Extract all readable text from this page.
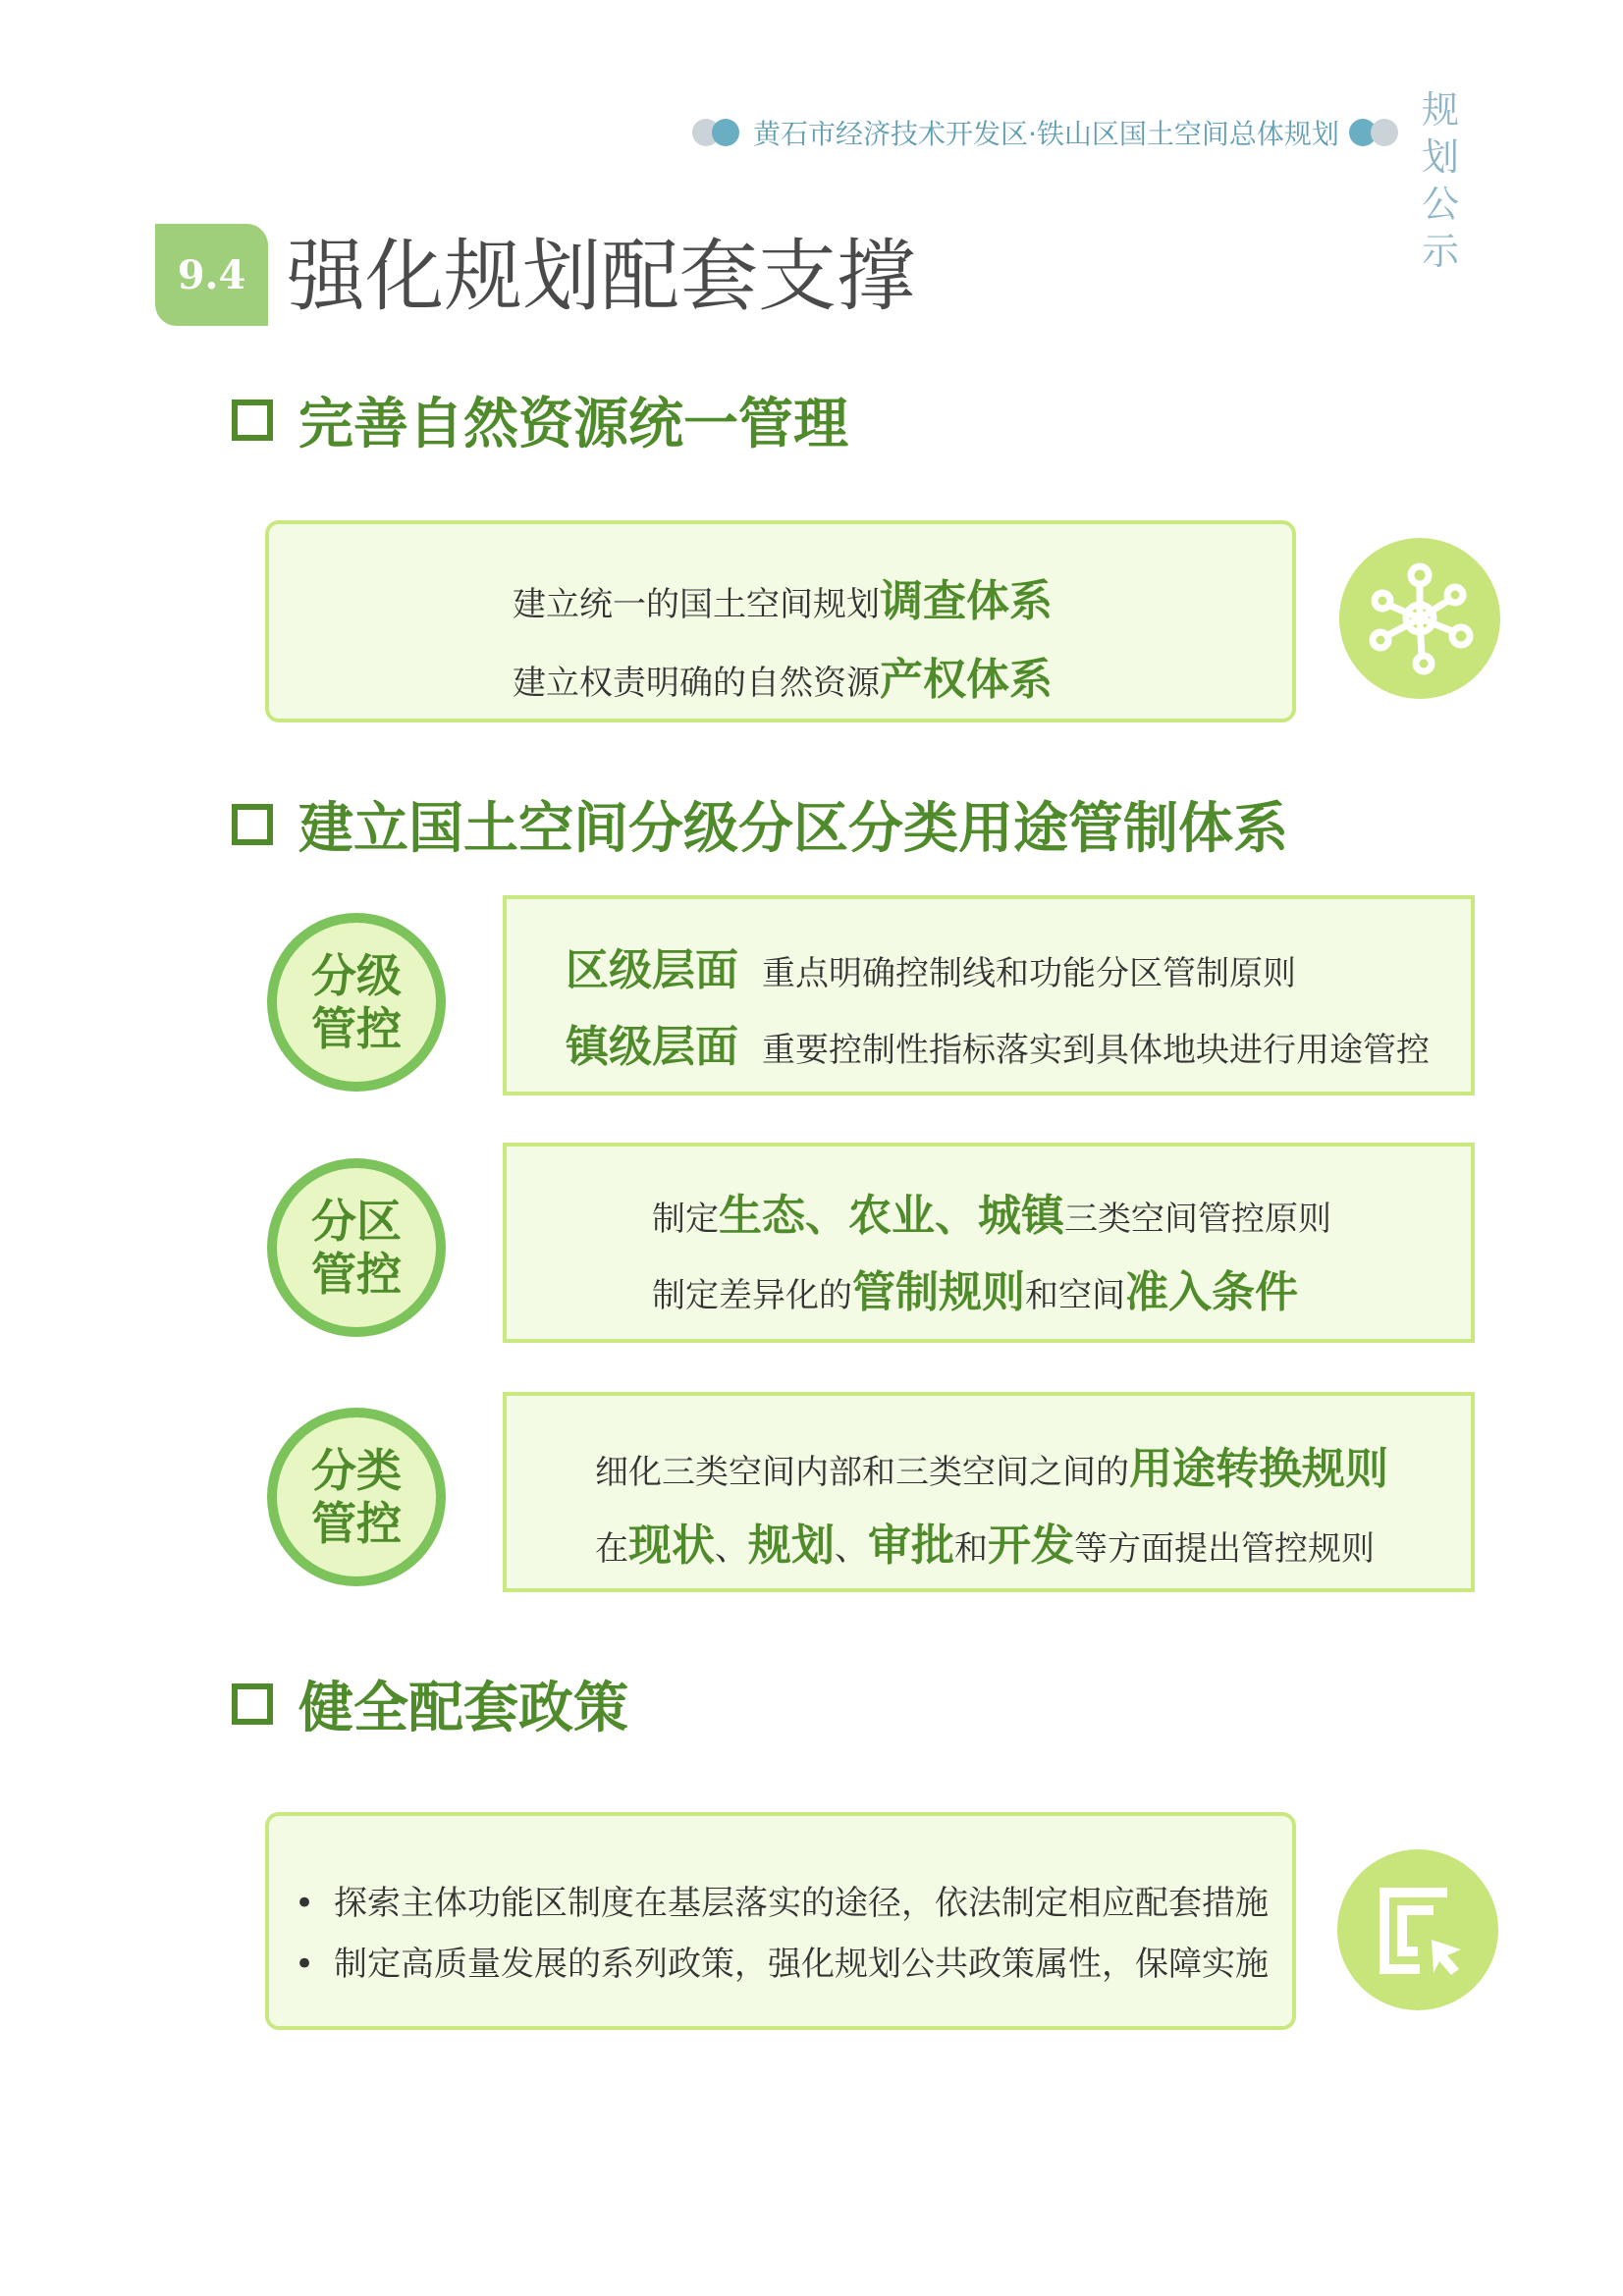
黄石市经济技术开发区·铁山区国土空间总体规划
规划
公示
9.4 强化规划配套支撑
完善自然资源统一管理
建立统一的国土空间规划调查体系
建立权责明确的自然资源产权体系
建立国土空间分级分区分类用途管制体系
分级
管控
区级层面 重点明确控制线和功能分区管制原则
镇级层面 重要控制性指标落实到具体地块进行用途管控
分区
管控
制定生态、农业、城镇三类空间管控原则
制定差异化的管制规则和空间准入条件
分类
管控
细化三类空间内部和三类空间之间的用途转换规则
在现状、规划、审批和开发等方面提出管控规则
健全配套政策
• 探索主体功能区制度在基层落实的途径，依法制定相应配套措施
• 制定高质量发展的系列政策，强化规划公共政策属性，保障实施
